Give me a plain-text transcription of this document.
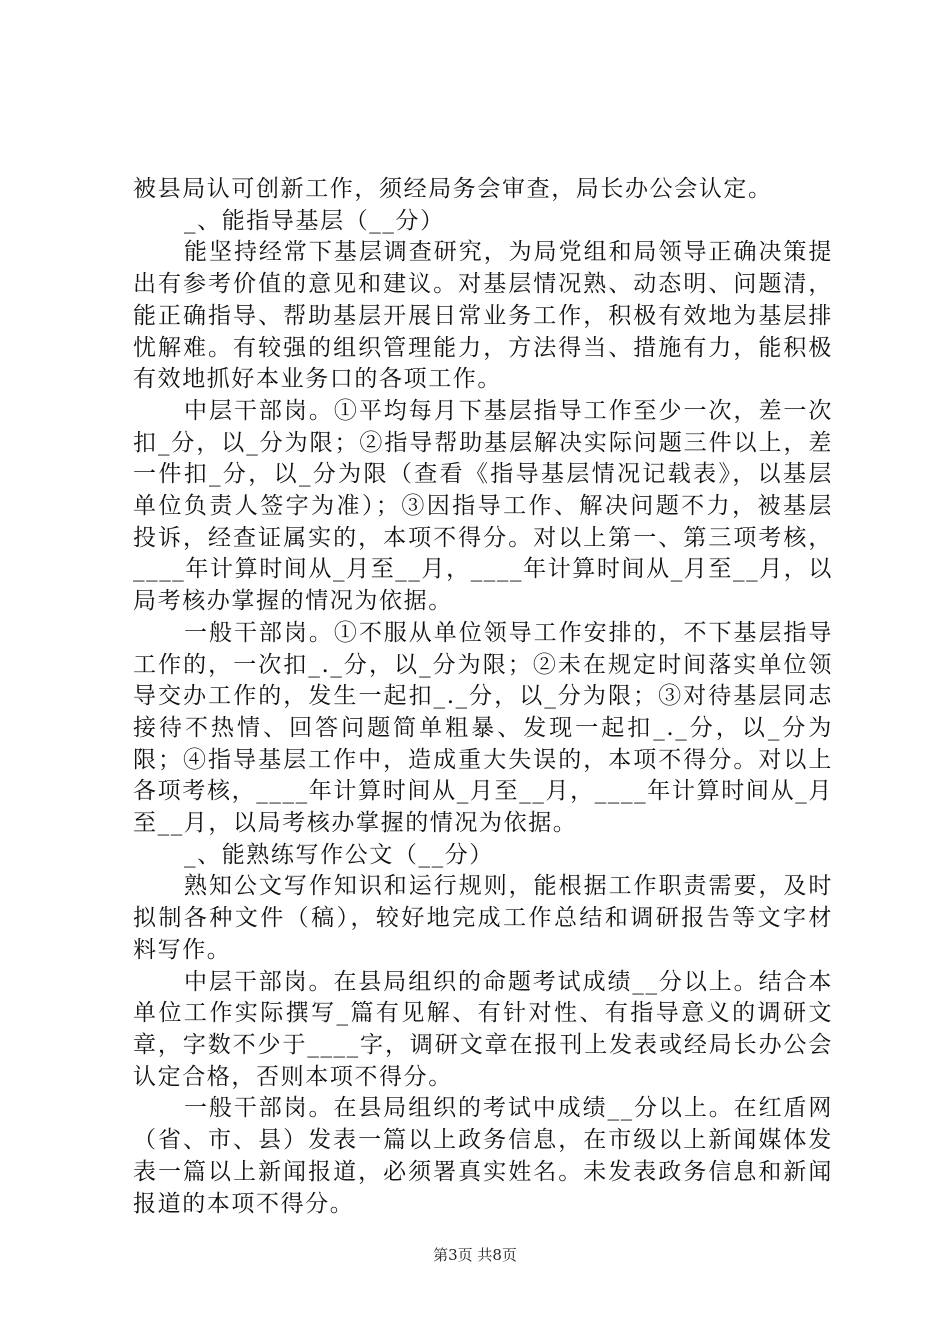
被县局认可创新工作，须经局务会审查，局长办公会认定。

_、能指导基层（__分）

能坚持经常下基层调查研究，为局党组和局领导正确决策提出有参考价值的意见和建议。对基层情况熟、动态明、问题清，能正确指导、帮助基层开展日常业务工作，积极有效地为基层排忧解难。有较强的组织管理能力，方法得当、措施有力，能积极有效地抓好本业务口的各项工作。

中层干部岗。①平均每月下基层指导工作至少一次，差一次扣_分，以_分为限；②指导帮助基层解决实际问题三件以上，差一件扣_分，以_分为限（查看《指导基层情况记载表》，以基层单位负责人签字为准）；③因指导工作、解决问题不力，被基层投诉，经查证属实的，本项不得分。对以上第一、第三项考核，____年计算时间从_月至__月，____年计算时间从_月至__月，以局考核办掌握的情况为依据。

一般干部岗。①不服从单位领导工作安排的，不下基层指导工作的，一次扣_._分，以_分为限；②未在规定时间落实单位领导交办工作的，发生一起扣_._分，以_分为限；③对待基层同志接待不热情、回答问题简单粗暴、发现一起扣_._分，以_分为限；④指导基层工作中，造成重大失误的，本项不得分。对以上各项考核，____年计算时间从_月至__月，____年计算时间从_月至__月，以局考核办掌握的情况为依据。

_、能熟练写作公文（__分）

熟知公文写作知识和运行规则，能根据工作职责需要，及时拟制各种文件（稿），较好地完成工作总结和调研报告等文字材料写作。

中层干部岗。在县局组织的命题考试成绩__分以上。结合本单位工作实际撰写_篇有见解、有针对性、有指导意义的调研文章，字数不少于____字，调研文章在报刊上发表或经局长办公会认定合格，否则本项不得分。

一般干部岗。在县局组织的考试中成绩__分以上。在红盾网（省、市、县）发表一篇以上政务信息，在市级以上新闻媒体发表一篇以上新闻报道，必须署真实姓名。未发表政务信息和新闻报道的本项不得分。

第3页 共8页
